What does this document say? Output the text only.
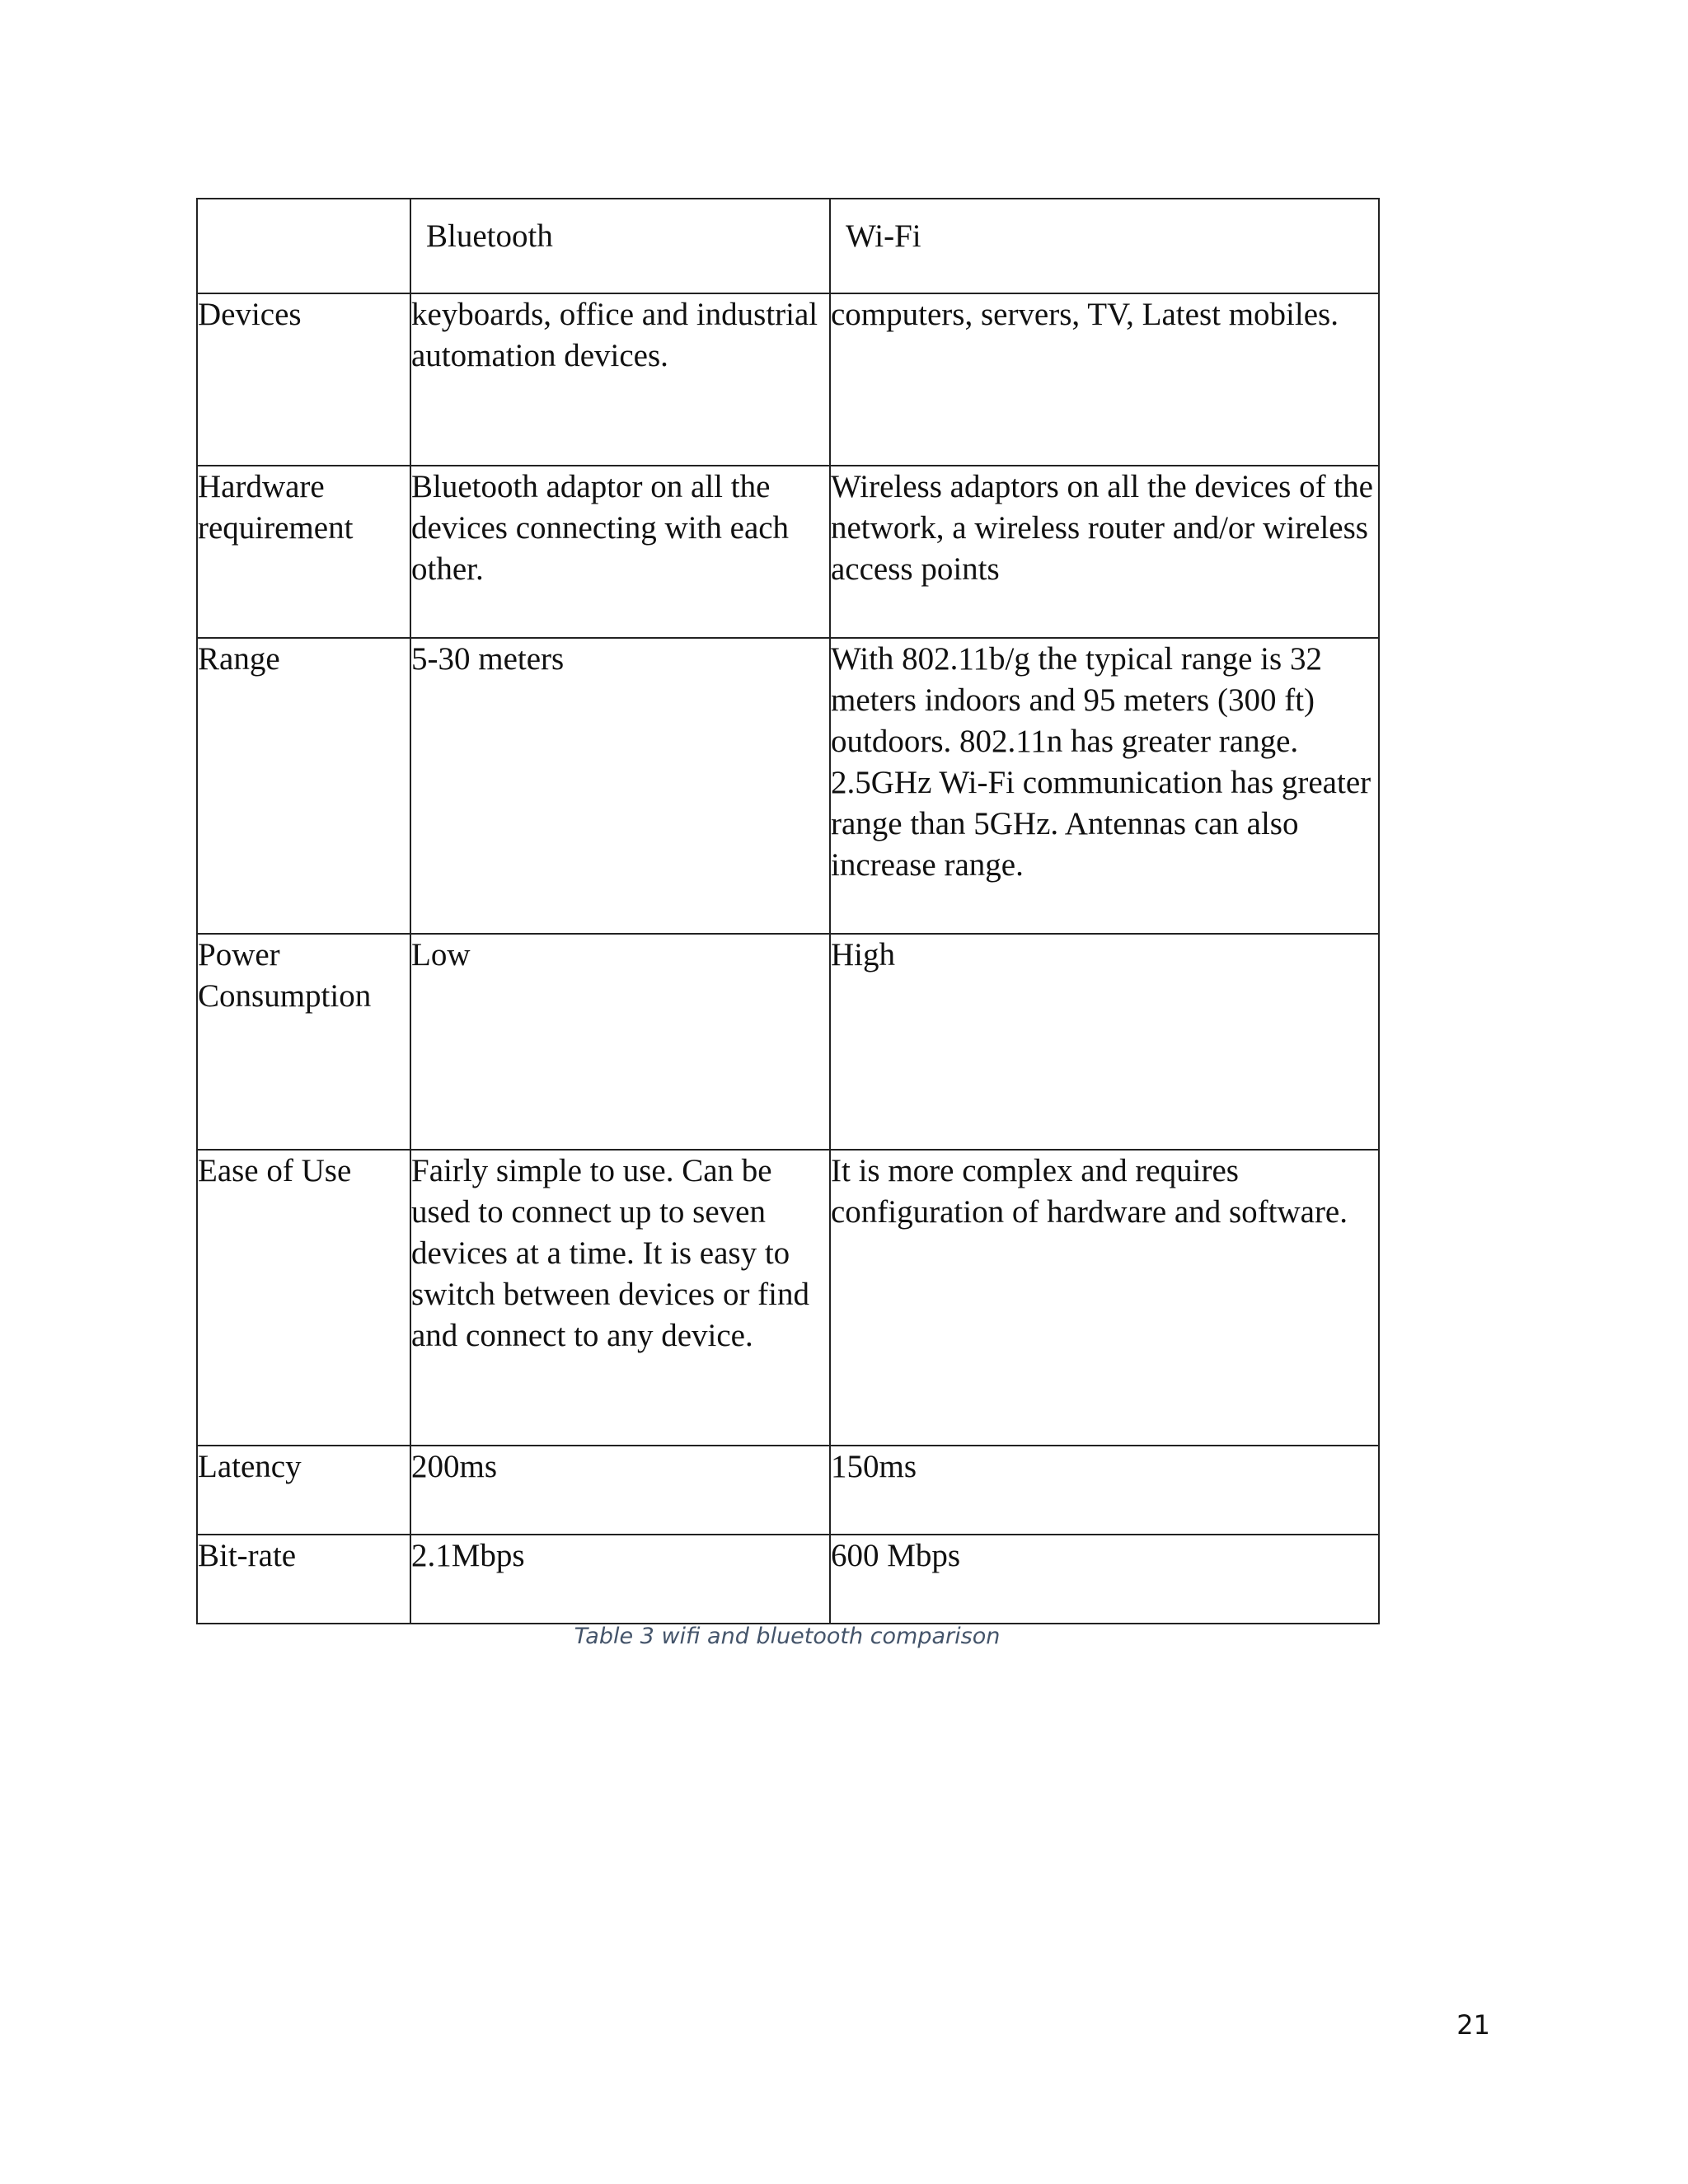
	Bluetooth	Wi-Fi
Devices	keyboards, office and industrial automation devices.	computers, servers, TV, Latest mobiles.
Hardware requirement	Bluetooth adaptor on all the devices connecting with each other.	Wireless adaptors on all the devices of the network, a wireless router and/or wireless access points
Range	5-30 meters	With 802.11b/g the typical range is 32 meters indoors and 95 meters (300 ft) outdoors. 802.11n has greater range. 2.5GHz Wi-Fi communication has greater range than 5GHz. Antennas can also increase range.
Power Consumption	Low	High
Ease of Use	Fairly simple to use. Can be used to connect up to seven devices at a time. It is easy to switch between devices or find and connect to any device.	It is more complex and requires configuration of hardware and software.
Latency	200ms	150ms
Bit-rate	2.1Mbps	600 Mbps
Table 3 wifi and bluetooth comparison
21
